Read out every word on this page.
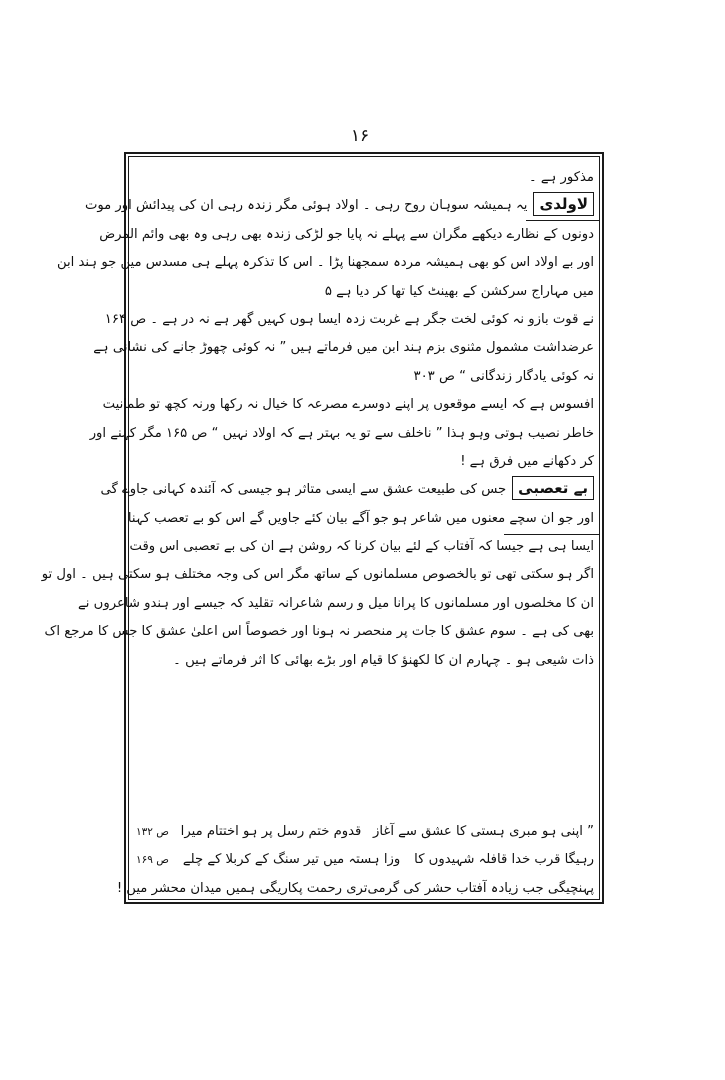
۱۶
مذکور ہے ۔
لاولدییہ ہمیشہ سوہان روح رہی ۔ اولاد ہوئی مگر زندہ رہی ان کی پیدائش اور موت
دونوں کے نظارے دیکھے مگران سے پہلے نہ پایا جو لڑکی زندہ بھی رہی وہ بھی وائم المرض
اور بے اولاد اس کو بھی ہمیشہ مردہ سمجھنا پڑا ۔ اس کا تذکرہ پہلے ہی مسدس میں جو ہند ابن
میں مہاراج سرکشن کے بھینٹ کیا تھا کر دیا ہے ۵
نے قوت بازو نہ کوئی لخت جگر ہے غربت زدہ ایسا ہوں کہیں گھر ہے نہ در ہے ۔ ص ۱۶۴
عرضداشت مشمول مثنوی بزم ہند ابن میں فرماتے ہیں ” نہ کوئی چھوڑ جانے کی نشانی ہے
نہ کوئی یادگار زندگانی “ ص ۳۰۳
افسوس ہے کہ ایسے موقعوں پر اپنے دوسرے مصرعہ کا خیال نہ رکھا ورنہ کچھ تو طمانیت
خاطر نصیب ہوتی وہو ہذا ” ناخلف سے تو یہ بہتر ہے کہ اولاد نہیں “ ص ۱۶۵ مگر کہنے اور
کر دکھانے میں فرق ہے !
بے تعصبیجس کی طبیعت عشق سے ایسی متاثر ہو جیسی کہ آئندہ کہانی جاوے گی
اور جو ان سچے معنوں میں شاعر ہو جو آگے بیان کئے جاویں گے اس کو بے تعصب کہنا
ایسا ہی ہے جیسا کہ آفتاب کے لئے بیان کرنا کہ روشن ہے ان کی بے تعصبی اس وقت
اگر ہو سکتی تھی تو بالخصوص مسلمانوں کے ساتھ مگر اس کی وجہ مختلف ہو سکتی ہیں ۔ اول تو
ان کا مخلصوں اور مسلمانوں کا پرانا میل و رسم شاعرانہ تقلید کہ جیسے اور ہندو شاعروں نے
بھی کی ہے ۔ سوم عشق کا جات پر منحصر نہ ہونا اور خصوصاً اس اعلیٰ عشق کا جس کا مرجع اک
ذات شیعی ہو ۔ چہارم ان کا لکھنؤ کا قیام اور بڑے بھائی کا اثر فرماتے ہیں ۔
” اپنی ہو مبری ہستی کا عشق سے آغاز
قدوم ختم رسل پر ہو اختتام میرا
ص ۱۳۲
رہیگا قرب خدا قافلہ شہیدوں کا
وزا ہستہ میں تیر سنگ کے کربلا کے چلے
ص ۱۶۹
پہنچیگی جب زیادہ آفتاب حشر کی گرمی
تری رحمت پکاریگی ہمیں میدان محشر میں !
